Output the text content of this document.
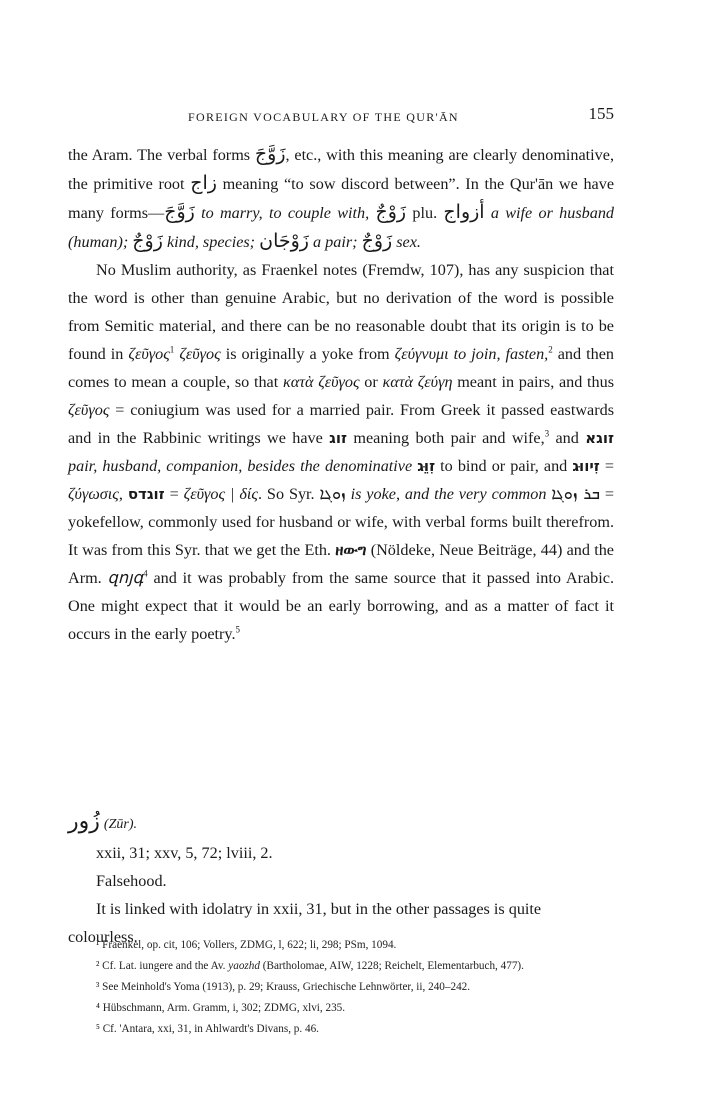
FOREIGN VOCABULARY OF THE QUR'ĀN	155

the Aram. The verbal forms زَوَّجَ, etc., with this meaning are clearly denominative, the primitive root زاج meaning “to sow discord between”. In the Qur'ān we have many forms—زَوَّجَ to marry, to couple with, زَوْجٌ plu. أزواج a wife or husband (human); زَوْجٌ kind, species; زَوْجَان a pair; زَوْجٌ sex.

No Muslim authority, as Fraenkel notes (Fremdw, 107), has any suspicion that the word is other than genuine Arabic, but no derivation of the word is possible from Semitic material, and there can be no reasonable doubt that its origin is to be found in ζεῦγος$^1$ ζεῦγος is originally a yoke from ζεύγνυμι to join, fasten,$^2$ and then comes to mean a couple, so that κατὰ ζεῦγος or κατὰ ζεύγη meant in pairs, and thus ζεῦγος = coniugium was used for a married pair. From Greek it passed eastwards and in the Rabbinic writings we have זוג meaning both pair and wife,$^3$ and זוגא pair, husband, companion, besides the denominative זִוֵּג to bind or pair, and זִיווּג = ζύγωσις, זוגדס = ζεῦγος | δίς. So Syr. ܙܘܓܐ is yoke, and the very common ܒܪ ܙܘܓܐ = yokefellow, commonly used for husband or wife, with verbal forms built therefrom. It was from this Syr. that we get the Eth. ዘውግ (Nöldeke, Neue Beiträge, 44) and the Arm. զոյգ$^4$ and it was probably from the same source that it passed into Arabic. One might expect that it would be an early borrowing, and as a matter of fact it occurs in the early poetry.$^5$

زُور (Zūr).

xxii, 31; xxv, 5, 72; lviii, 2.

Falsehood.

It is linked with idolatry in xxii, 31, but in the other passages is quite colourless.

¹ Fraenkel, op. cit, 106; Vollers, ZDMG, l, 622; li, 298; PSm, 1094.

² Cf. Lat. iungere and the Av. yaozhd (Bartholomae, AIW, 1228; Reichelt, Elementarbuch, 477).

³ See Meinhold's Yoma (1913), p. 29; Krauss, Griechische Lehnwörter, ii, 240–242.

⁴ Hübschmann, Arm. Gramm, i, 302; ZDMG, xlvi, 235.

⁵ Cf. 'Antara, xxi, 31, in Ahlwardt's Divans, p. 46.
